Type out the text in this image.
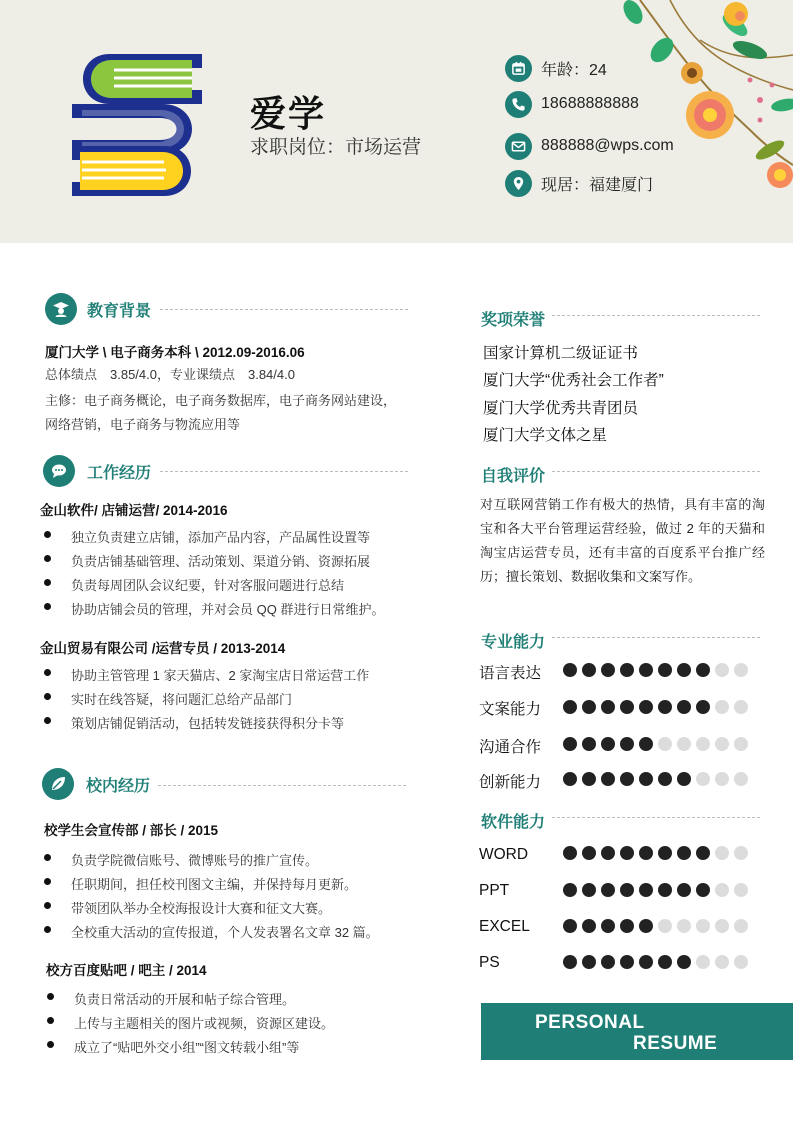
爱学
求职岗位：市场运营
年龄：24
18688888888
888888@wps.com
现居：福建厦门
教育背景
厦门大学 \ 电子商务本科 \ 2012.09-2016.06
总体绩点　3.85/4.0，专业课绩点　3.84/4.0
主修：电子商务概论，电子商务数据库，电子商务网站建设，
网络营销，电子商务与物流应用等
工作经历
金山软件/ 店铺运营/ 2014-2016
独立负责建立店铺，添加产品内容，产品属性设置等
负责店铺基础管理、活动策划、渠道分销、资源拓展
负责每周团队会议纪要，针对客服问题进行总结
协助店铺会员的管理，并对会员 QQ 群进行日常维护。
金山贸易有限公司 /运营专员 / 2013-2014
协助主管管理 1 家天猫店、2 家淘宝店日常运营工作
实时在线答疑，将问题汇总给产品部门
策划店铺促销活动，包括转发链接获得积分卡等
校内经历
校学生会宣传部 / 部长 / 2015
负责学院微信账号、微博账号的推广宣传。
任职期间，担任校刊图文主编，并保持每月更新。
带领团队举办全校海报设计大赛和征文大赛。
全校重大活动的宣传报道，个人发表署名文章 32 篇。
校方百度贴吧 / 吧主 / 2014
负责日常活动的开展和帖子综合管理。
上传与主题相关的图片或视频，资源区建设。
成立了“贴吧外交小组”“图文转载小组”等
奖项荣誉
国家计算机二级证证书
厦门大学“优秀社会工作者”
厦门大学优秀共青团员
厦门大学文体之星
自我评价
对互联网营销工作有极大的热情，具有丰富的淘宝和各大平台管理运营经验，做过 2 年的天猫和淘宝店运营专员，还有丰富的百度系平台推广经历；擅长策划、数据收集和文案写作。
专业能力
语言表达
文案能力
沟通合作
创新能力
软件能力
WORD
PPT
EXCEL
PS
PERSONAL
RESUME
